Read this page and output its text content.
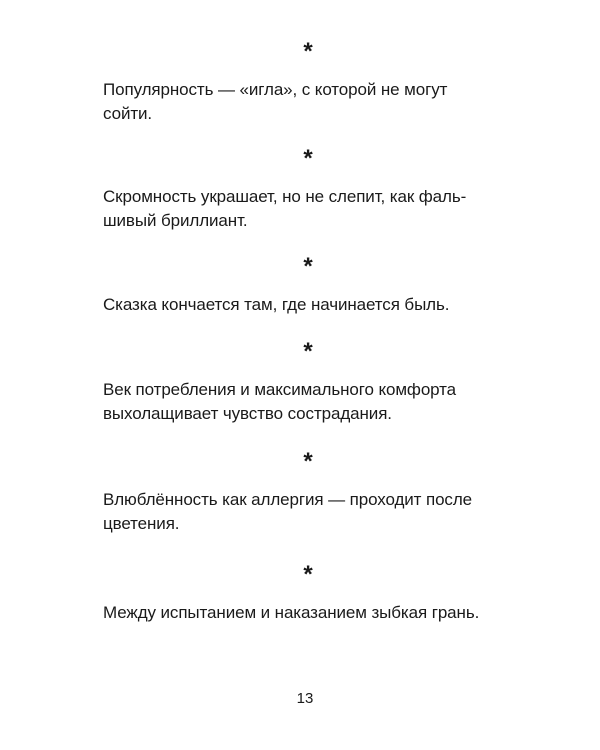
*

Популярность — «игла», с которой не могут
сойти.

*

Скромность украшает, но не слепит, как фаль-
шивый бриллиант.

*

Сказка кончается там, где начинается быль.

*

Век потребления и максимального комфорта
выхолащивает чувство сострадания.

*

Влюблённость как аллергия — проходит после
цветения.

*

Между испытанием и наказанием зыбкая грань.

13
